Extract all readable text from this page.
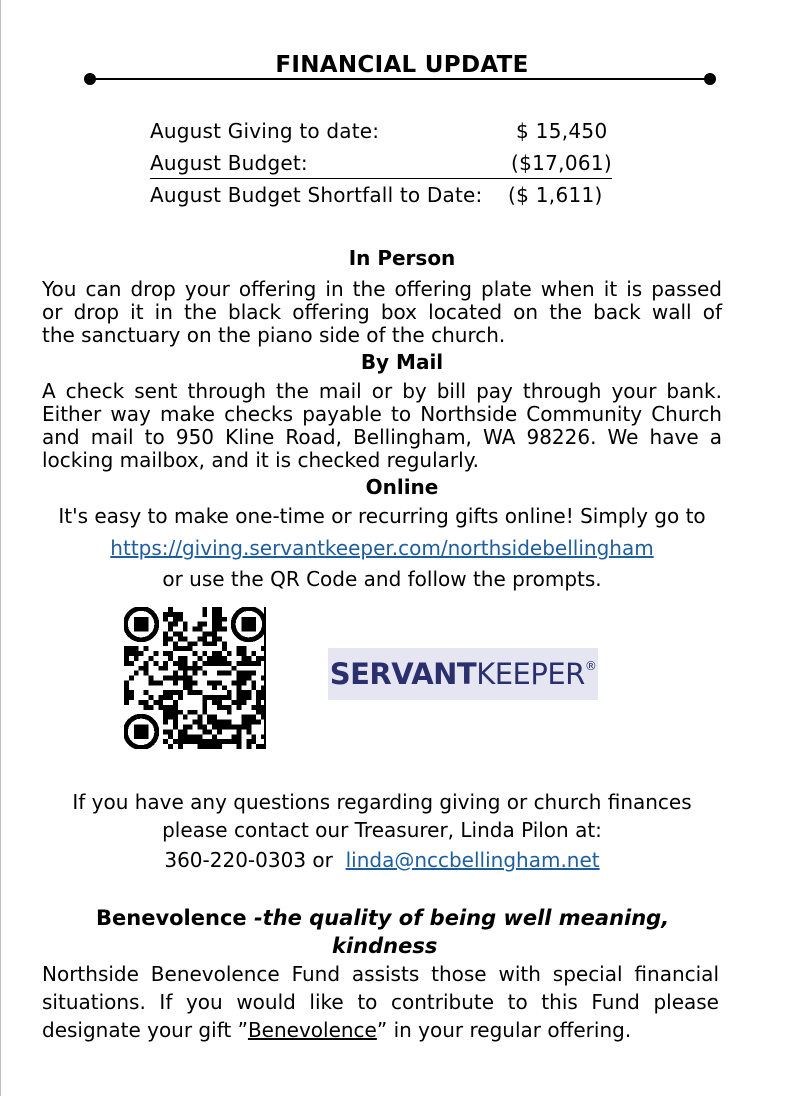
FINANCIAL UPDATE
August Giving to date:	$ 15,450
August Budget:	($17,061)
August Budget Shortfall to Date: ($ 1,611)
In Person
You can drop your offering in the offering plate when it is passed
or drop it in the black offering box located on the back wall of
the sanctuary on the piano side of the church.
By Mail
A check sent through the mail or by bill pay through your bank.
Either way make checks payable to Northside Community Church
and mail to 950 Kline Road, Bellingham, WA 98226. We have a
locking mailbox, and it is checked regularly.
Online
It's easy to make one-time or recurring gifts online! Simply go to
https://giving.servantkeeper.com/northsidebellingham
or use the QR Code and follow the prompts.
SERVANTKEEPER®
If you have any questions regarding giving or church finances
please contact our Treasurer, Linda Pilon at:
360-220-0303 or linda@nccbellingham.net
Benevolence -the quality of being well meaning,
kindness
Northside Benevolence Fund assists those with special financial
situations. If you would like to contribute to this Fund please
designate your gift ”Benevolence” in your regular offering.
